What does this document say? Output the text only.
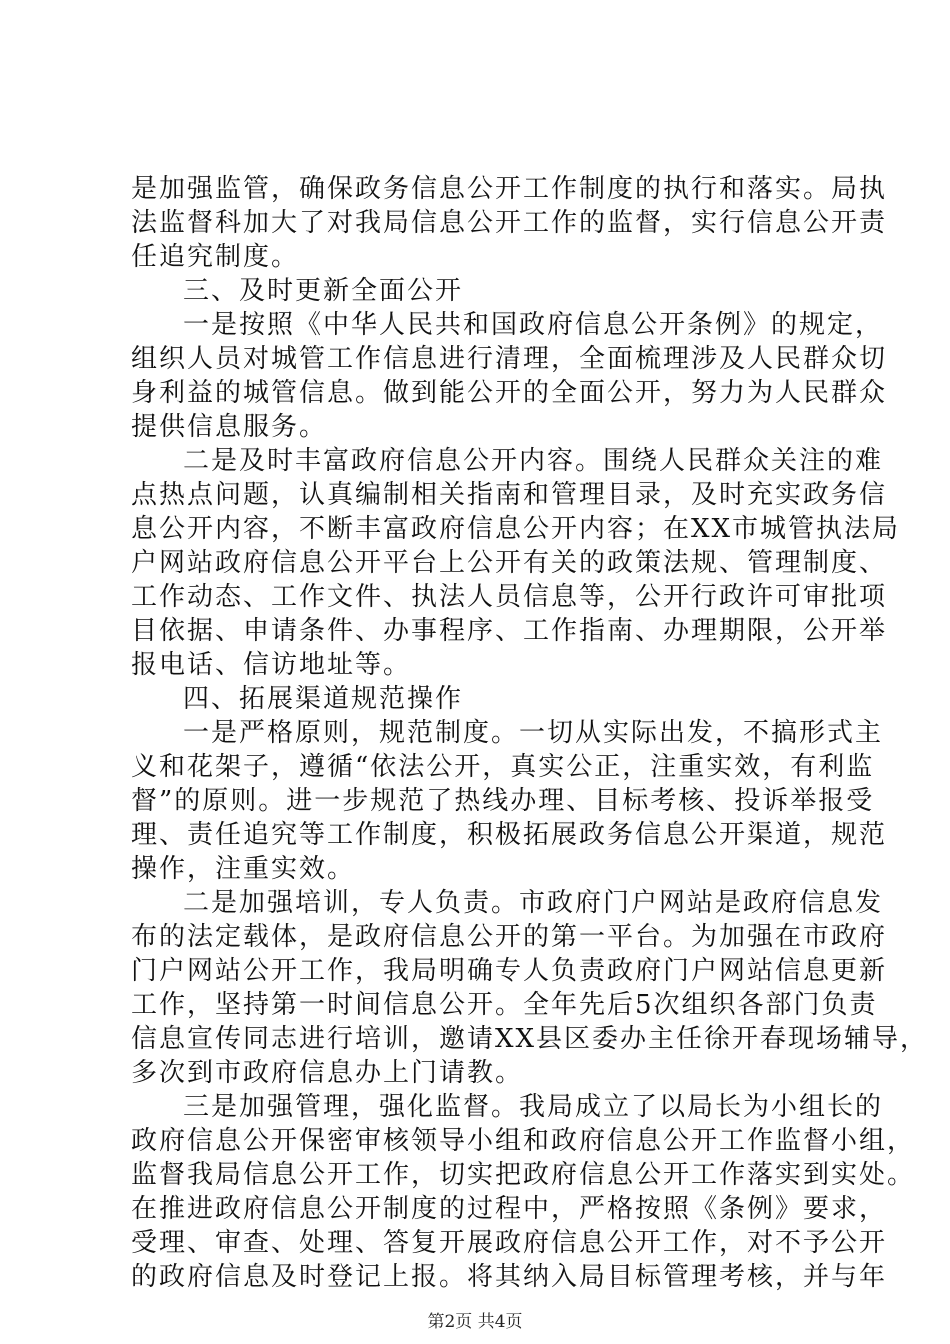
是加强监管，确保政务信息公开工作制度的执行和落实。局执
法监督科加大了对我局信息公开工作的监督，实行信息公开责
任追究制度。
三、及时更新全面公开
一是按照《中华人民共和国政府信息公开条例》的规定，
组织人员对城管工作信息进行清理，全面梳理涉及人民群众切
身利益的城管信息。做到能公开的全面公开，努力为人民群众
提供信息服务。
二是及时丰富政府信息公开内容。围绕人民群众关注的难
点热点问题，认真编制相关指南和管理目录，及时充实政务信
息公开内容，不断丰富政府信息公开内容；在XX市城管执法局
户网站政府信息公开平台上公开有关的政策法规、管理制度、
工作动态、工作文件、执法人员信息等，公开行政许可审批项
目依据、申请条件、办事程序、工作指南、办理期限，公开举
报电话、信访地址等。
四、拓展渠道规范操作
一是严格原则，规范制度。一切从实际出发，不搞形式主
义和花架子，遵循“依法公开，真实公正，注重实效，有利监
督”的原则。进一步规范了热线办理、目标考核、投诉举报受
理、责任追究等工作制度，积极拓展政务信息公开渠道，规范
操作，注重实效。
二是加强培训，专人负责。市政府门户网站是政府信息发
布的法定载体，是政府信息公开的第一平台。为加强在市政府
门户网站公开工作，我局明确专人负责政府门户网站信息更新
工作，坚持第一时间信息公开。全年先后5次组织各部门负责
信息宣传同志进行培训，邀请XX县区委办主任徐开春现场辅导，
多次到市政府信息办上门请教。
三是加强管理，强化监督。我局成立了以局长为小组长的
政府信息公开保密审核领导小组和政府信息公开工作监督小组，
监督我局信息公开工作，切实把政府信息公开工作落实到实处。
在推进政府信息公开制度的过程中，严格按照《条例》要求，
受理、审查、处理、答复开展政府信息公开工作，对不予公开
的政府信息及时登记上报。将其纳入局目标管理考核，并与年
第2页 共4页
